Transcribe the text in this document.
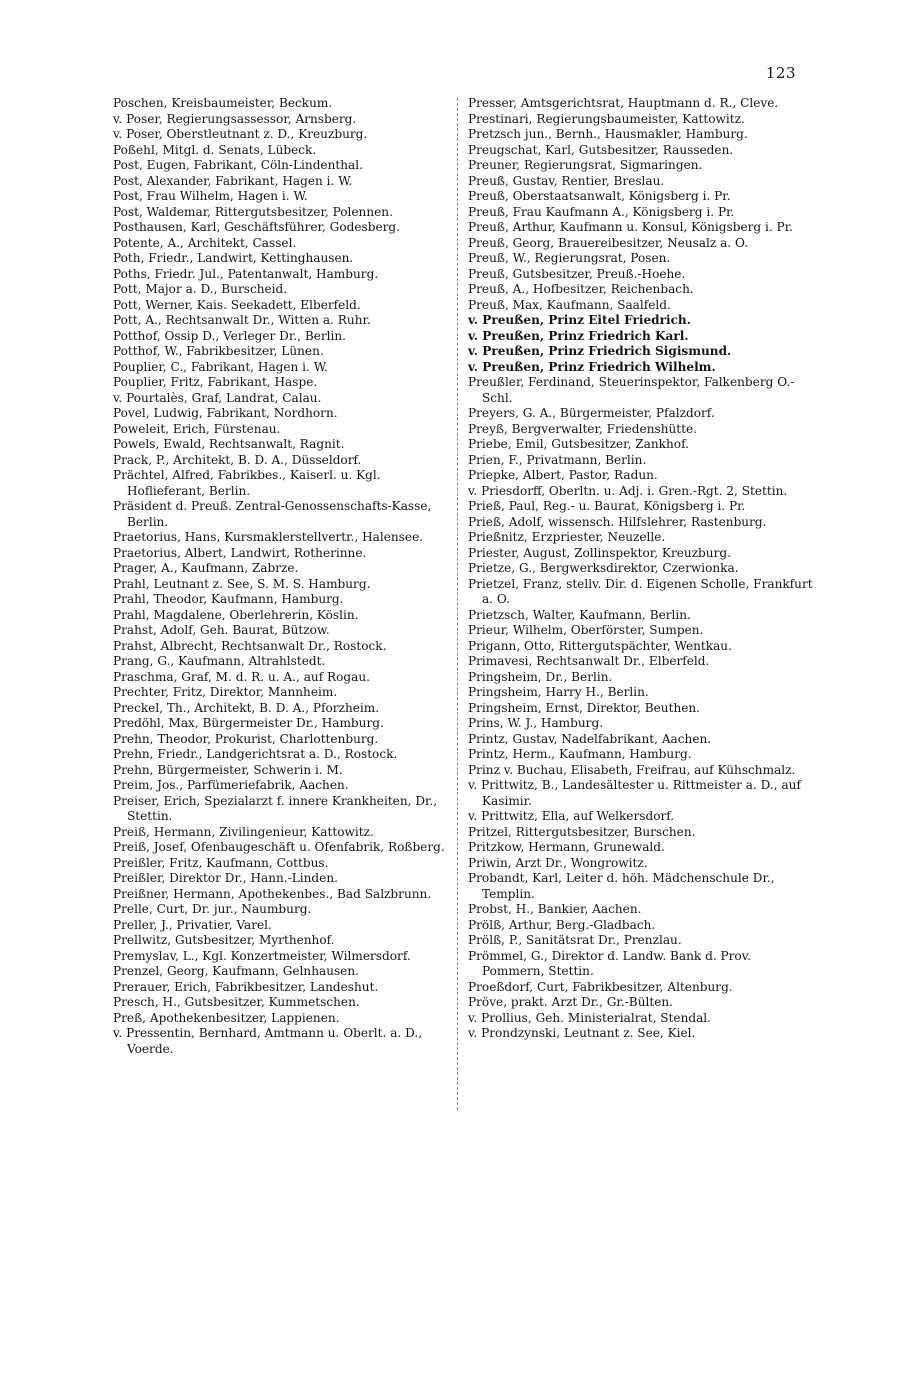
123
Poschen, Kreisbaumeister, Beckum.
v. Poser, Regierungsassessor, Arnsberg.
v. Poser, Oberstleutnant z. D., Kreuzburg.
Poßehl, Mitgl. d. Senats, Lübeck.
Post, Eugen, Fabrikant, Cöln-Lindenthal.
Post, Alexander, Fabrikant, Hagen i. W.
Post, Frau Wilhelm, Hagen i. W.
Post, Waldemar, Rittergutsbesitzer, Polennen.
Posthausen, Karl, Geschäftsführer, Godesberg.
Potente, A., Architekt, Cassel.
Poth, Friedr., Landwirt, Kettinghausen.
Poths, Friedr. Jul., Patentanwalt, Hamburg.
Pott, Major a. D., Burscheid.
Pott, Werner, Kais. Seekadett, Elberfeld.
Pott, A., Rechtsanwalt Dr., Witten a. Ruhr.
Potthof, Ossip D., Verleger Dr., Berlin.
Potthof, W., Fabrikbesitzer, Lünen.
Pouplier, C., Fabrikant, Hagen i. W.
Pouplier, Fritz, Fabrikant, Haspe.
v. Pourtalès, Graf, Landrat, Calau.
Povel, Ludwig, Fabrikant, Nordhorn.
Poweleit, Erich, Fürstenau.
Powels, Ewald, Rechtsanwalt, Ragnit.
Prack, P., Architekt, B. D. A., Düsseldorf.
Prächtel, Alfred, Fabrikbes., Kaiserl. u. Kgl. Hoflieferant, Berlin.
Präsident d. Preuß. Zentral-Genossenschafts-Kasse, Berlin.
Praetorius, Hans, Kursmaklerstellvertr., Halensee.
Praetorius, Albert, Landwirt, Rotherinne.
Prager, A., Kaufmann, Zabrze.
Prahl, Leutnant z. See, S. M. S. Hamburg.
Prahl, Theodor, Kaufmann, Hamburg.
Prahl, Magdalene, Oberlehrerin, Köslin.
Prahst, Adolf, Geh. Baurat, Bützow.
Prahst, Albrecht, Rechtsanwalt Dr., Rostock.
Prang, G., Kaufmann, Altrahlstedt.
Praschma, Graf, M. d. R. u. A., auf Rogau.
Prechter, Fritz, Direktor, Mannheim.
Preckel, Th., Architekt, B. D. A., Pforzheim.
Predöhl, Max, Bürgermeister Dr., Hamburg.
Prehn, Theodor, Prokurist, Charlottenburg.
Prehn, Friedr., Landgerichtsrat a. D., Rostock.
Prehn, Bürgermeister, Schwerin i. M.
Preim, Jos., Parfümeriefabrik, Aachen.
Preiser, Erich, Spezialarzt f. innere Krankheiten, Dr., Stettin.
Preiß, Hermann, Zivilingenieur, Kattowitz.
Preiß, Josef, Ofenbaugeschäft u. Ofenfabrik, Roßberg.
Preißler, Fritz, Kaufmann, Cottbus.
Preißler, Direktor Dr., Hann.-Linden.
Preißner, Hermann, Apothekenbes., Bad Salzbrunn.
Prelle, Curt, Dr. jur., Naumburg.
Preller, J., Privatier, Varel.
Prellwitz, Gutsbesitzer, Myrthenhof.
Premyslav, L., Kgl. Konzertmeister, Wilmersdorf.
Prenzel, Georg, Kaufmann, Gelnhausen.
Prerauer, Erich, Fabrikbesitzer, Landeshut.
Presch, H., Gutsbesitzer, Kummetschen.
Preß, Apothekenbesitzer, Lappienen.
v. Pressentin, Bernhard, Amtmann u. Oberlt. a. D., Voerde.
Presser, Amtsgerichtsrat, Hauptmann d. R., Cleve.
Prestinari, Regierungsbaumeister, Kattowitz.
Pretzsch jun., Bernh., Hausmakler, Hamburg.
Preugschat, Karl, Gutsbesitzer, Rausseden.
Preuner, Regierungsrat, Sigmaringen.
Preuß, Gustav, Rentier, Breslau.
Preuß, Oberstaatsanwalt, Königsberg i. Pr.
Preuß, Frau Kaufmann A., Königsberg i. Pr.
Preuß, Arthur, Kaufmann u. Konsul, Königsberg i. Pr.
Preuß, Georg, Brauereibesitzer, Neusalz a. O.
Preuß, W., Regierungsrat, Posen.
Preuß, Gutsbesitzer, Preuß.-Hoehe.
Preuß, A., Hofbesitzer, Reichenbach.
Preuß, Max, Kaufmann, Saalfeld.
v. Preußen, Prinz Eitel Friedrich.
v. Preußen, Prinz Friedrich Karl.
v. Preußen, Prinz Friedrich Sigismund.
v. Preußen, Prinz Friedrich Wilhelm.
Preußler, Ferdinand, Steuerinspektor, Falkenberg O.-Schl.
Preyers, G. A., Bürgermeister, Pfalzdorf.
Preyß, Bergverwalter, Friedenshütte.
Priebe, Emil, Gutsbesitzer, Zankhof.
Prien, F., Privatmann, Berlin.
Priepke, Albert, Pastor, Radun.
v. Priesdorff, Oberltn. u. Adj. i. Gren.-Rgt. 2, Stettin.
Prieß, Paul, Reg.- u. Baurat, Königsberg i. Pr.
Prieß, Adolf, wissensch. Hilfslehrer, Rastenburg.
Prießnitz, Erzpriester, Neuzelle.
Priester, August, Zollinspektor, Kreuzburg.
Prietze, G., Bergwerksdirektor, Czerwionka.
Prietzel, Franz, stellv. Dir. d. Eigenen Scholle, Frankfurt a. O.
Prietzsch, Walter, Kaufmann, Berlin.
Prieur, Wilhelm, Oberförster, Sumpen.
Prigann, Otto, Rittergutspächter, Wentkau.
Primavesi, Rechtsanwalt Dr., Elberfeld.
Pringsheim, Dr., Berlin.
Pringsheim, Harry H., Berlin.
Pringsheim, Ernst, Direktor, Beuthen.
Prins, W. J., Hamburg.
Printz, Gustav, Nadelfabrikant, Aachen.
Printz, Herm., Kaufmann, Hamburg.
Prinz v. Buchau, Elisabeth, Freifrau, auf Kühschmalz.
v. Prittwitz, B., Landesältester u. Rittmeister a. D., auf Kasimir.
v. Prittwitz, Ella, auf Welkersdorf.
Pritzel, Rittergutsbesitzer, Burschen.
Pritzkow, Hermann, Grunewald.
Priwin, Arzt Dr., Wongrowitz.
Probandt, Karl, Leiter d. höh. Mädchenschule Dr., Templin.
Probst, H., Bankier, Aachen.
Prölß, Arthur, Berg.-Gladbach.
Prölß, P., Sanitätsrat Dr., Prenzlau.
Prömmel, G., Direktor d. Landw. Bank d. Prov. Pommern, Stettin.
Proeßdorf, Curt, Fabrikbesitzer, Altenburg.
Pröve, prakt. Arzt Dr., Gr.-Bülten.
v. Prollius, Geh. Ministerialrat, Stendal.
v. Prondzynski, Leutnant z. See, Kiel.
